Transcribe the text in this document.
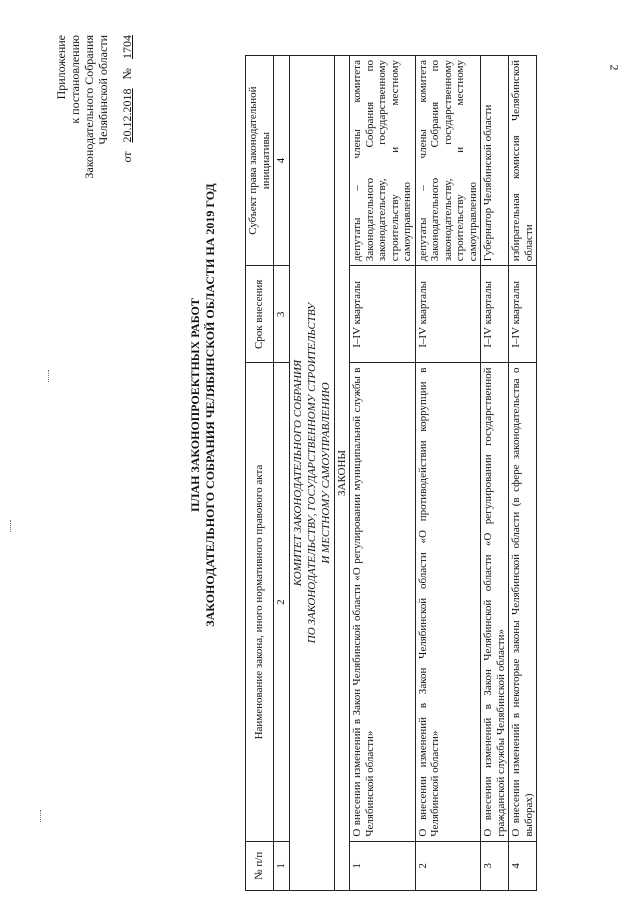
2
Приложение к постановлению Законодательного Собрания Челябинской области
от   20.12.2018   №   1704
ПЛАН ЗАКОНОПРОЕКТНЫХ РАБОТ ЗАКОНОДАТЕЛЬНОГО СОБРАНИЯ ЧЕЛЯБИНСКОЙ ОБЛАСТИ НА 2019 ГОД
№ п/п	Наименование закона, иного нормативного правового акта	Срок внесения	Субъект права законодательной инициативы
1	2	3	4

КОМИТЕТ ЗАКОНОДАТЕЛЬНОГО СОБРАНИЯ ПО ЗАКОНОДАТЕЛЬСТВУ, ГОСУДАРСТВЕННОМУ СТРОИТЕЛЬСТВУ И МЕСТНОМУ САМОУПРАВЛЕНИЮ			

ЗАКОНЫ			
1	О внесении изменений в Закон Челябинской области «О регулировании муниципальной службы в Челябинской области»	I–IV кварталы	депутаты – члены комитета Законодательного Собрания по законодательству, государственному строительству и местному самоуправлению
2	О внесении изменений в Закон Челябинской области «О противодействии коррупции в Челябинской области»	I–IV кварталы	депутаты – члены комитета Законодательного Собрания по законодательству, государственному строительству и местному самоуправлению
3	О внесении изменений в Закон Челябинской области «О регулировании государственной гражданской службы Челябинской области»	I–IV кварталы	Губернатор Челябинской области
4	О внесении изменений в некоторые законы Челябинской области (в сфере законодательства о выборах)	I–IV кварталы	избирательная комиссия Челябинской области
